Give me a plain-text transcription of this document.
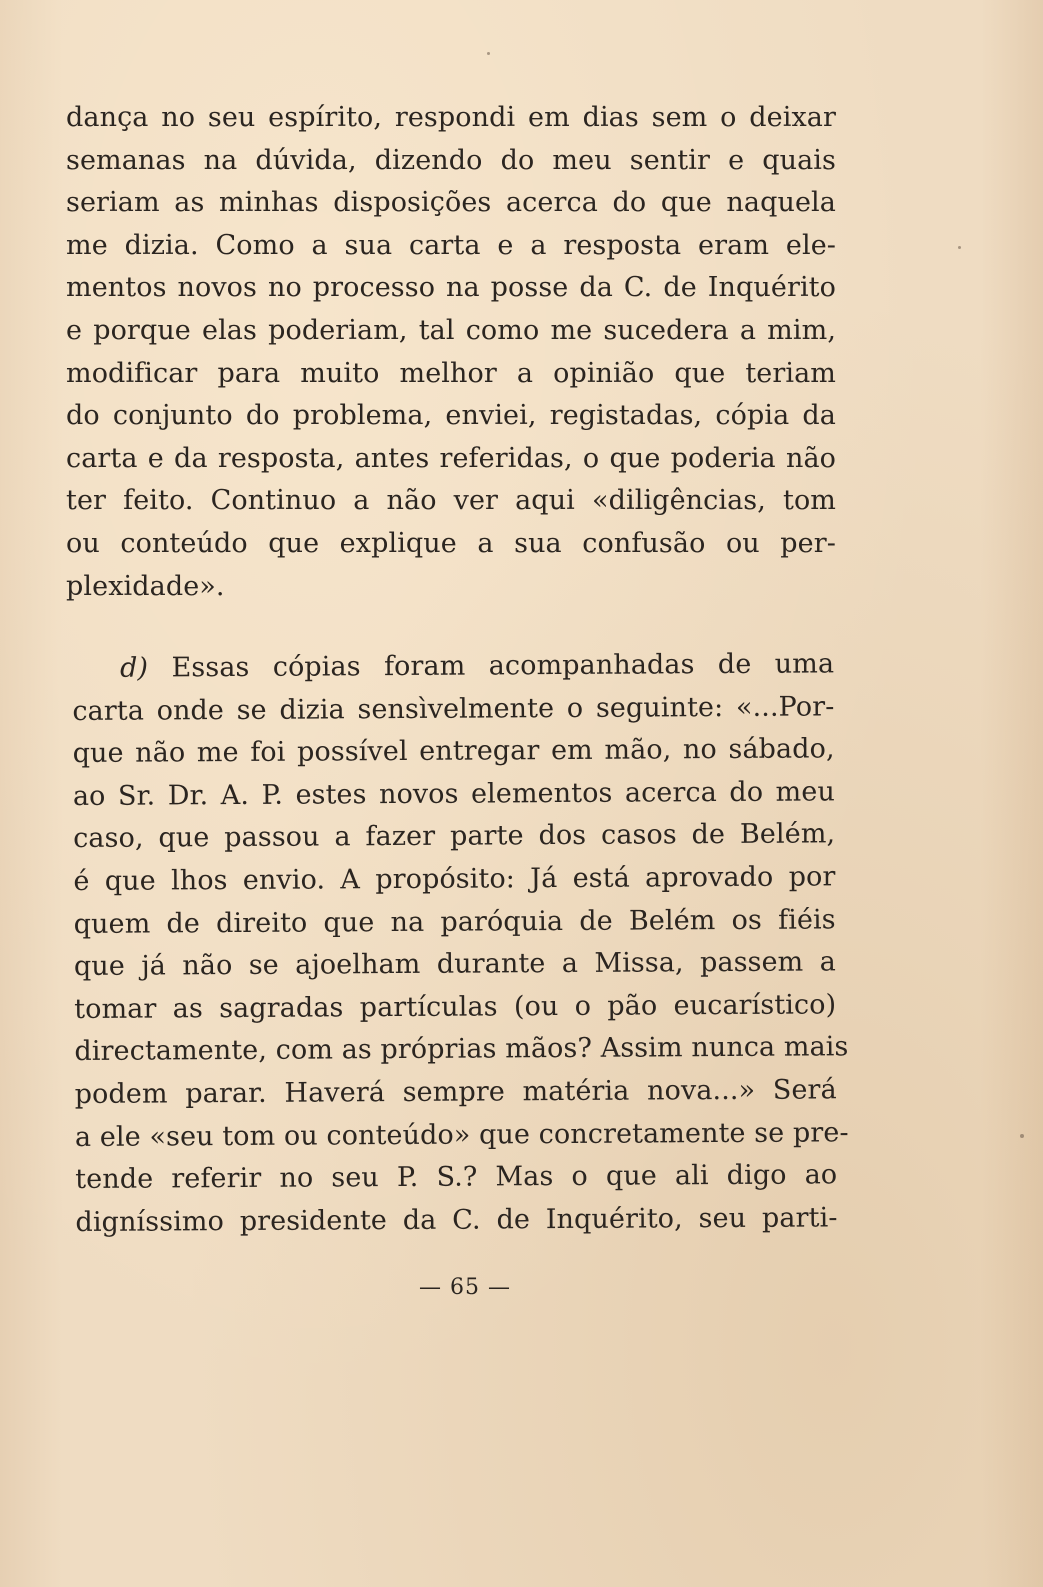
dança no seu espírito, respondi em dias sem o deixar
semanas na dúvida, dizendo do meu sentir e quais
seriam as minhas disposições acerca do que naquela
me dizia. Como a sua carta e a resposta eram ele-
mentos novos no processo na posse da C. de Inquérito
e porque elas poderiam, tal como me sucedera a mim,
modificar para muito melhor a opinião que teriam
do conjunto do problema, enviei, registadas, cópia da
carta e da resposta, antes referidas, o que poderia não
ter feito. Continuo a não ver aqui «diligências, tom
ou conteúdo que explique a sua confusão ou per-
plexidade».
d) Essas cópias foram acompanhadas de uma
carta onde se dizia sensìvelmente o seguinte: «...Por-
que não me foi possível entregar em mão, no sábado,
ao Sr. Dr. A. P. estes novos elementos acerca do meu
caso, que passou a fazer parte dos casos de Belém,
é que lhos envio. A propósito: Já está aprovado por
quem de direito que na paróquia de Belém os fiéis
que já não se ajoelham durante a Missa, passem a
tomar as sagradas partículas (ou o pão eucarístico)
directamente, com as próprias mãos? Assim nunca mais
podem parar. Haverá sempre matéria nova...» Será
a ele «seu tom ou conteúdo» que concretamente se pre-
tende referir no seu P. S.? Mas o que ali digo ao
digníssimo presidente da C. de Inquérito, seu parti-
— 65 —
